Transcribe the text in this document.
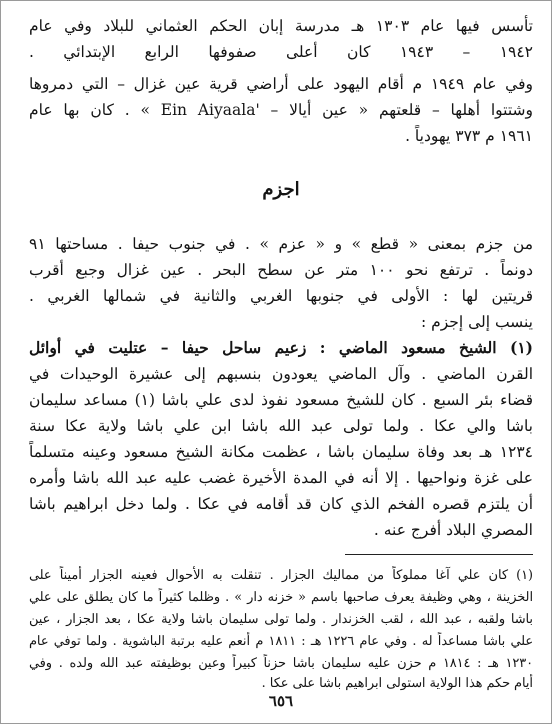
تأسس فيها عام ١٣٠٣ هـ مدرسة إبان الحكم العثماني للبلاد وفي عام
١٩٤٢ – ١٩٤٣ كان أعلى صفوفها الرابع الإبتدائي .
وفي عام ١٩٤٩ م أقام اليهود على أراضي قرية عين غزال – التي دمروها
وشتتوا أهلها – قلعتهم « عين أيالا – 'Ein Aiyaala » . كان بها عام
١٩٦١ م ٣٧٣ يهودياً .
اجزم
من جزم بمعنى « قطع » و « عزم » . في جنوب حيفا . مساحتها ٩١
دونماً . ترتفع نحو ١٠٠ متر عن سطح البحر . عين غزال وجبع أقرب
قريتين لها : الأولى في جنوبها الغربي والثانية في شمالها الغربي .
ينسب إلى إجزم :
(١) الشيخ مسعود الماضي : زعيم ساحل حيفا – عتليت في أوائل
القرن الماضي . وآل الماضي يعودون بنسبهم إلى عشيرة الوحيدات في
قضاء بئر السبع . كان للشيخ مسعود نفوذ لدى علي باشا (١) مساعد سليمان
باشا والي عكا . ولما تولى عبد الله باشا ابن علي باشا ولاية عكا سنة
١٢٣٤ هـ بعد وفاة سليمان باشا ، عظمت مكانة الشيخ مسعود وعينه متسلماً
على غزة ونواحيها . إلا أنه في المدة الأخيرة غضب عليه عبد الله باشا وأمره
أن يلتزم قصره الفخم الذي كان قد أقامه في عكا . ولما دخل ابراهيم باشا
المصري البلاد أفرج عنه .
(١) كان علي آغا مملوكاً من مماليك الجزار . تنقلت به الأحوال فعينه الجزار أميناً على
الخزينة ، وهي وظيفة يعرف صاحبها باسم « خزنه دار » . وظلما كثيراً ما كان يطلق على علي
باشا ولقبه ، عبد الله ، لقب الخزندار . ولما تولى سليمان باشا ولاية عكا ، بعد الجزار ، عين
علي باشا مساعداً له . وفي عام ١٢٢٦ هـ : ١٨١١ م أنعم عليه برتبة الباشوية . ولما توفي عام
١٢٣٠ هـ : ١٨١٤ م حزن عليه سليمان باشا حزناً كبيراً وعين بوظيفته عبد الله ولده . وفي
أيام حكم هذا الولاية استولى ابراهيم باشا على عكا .
٦٥٦
